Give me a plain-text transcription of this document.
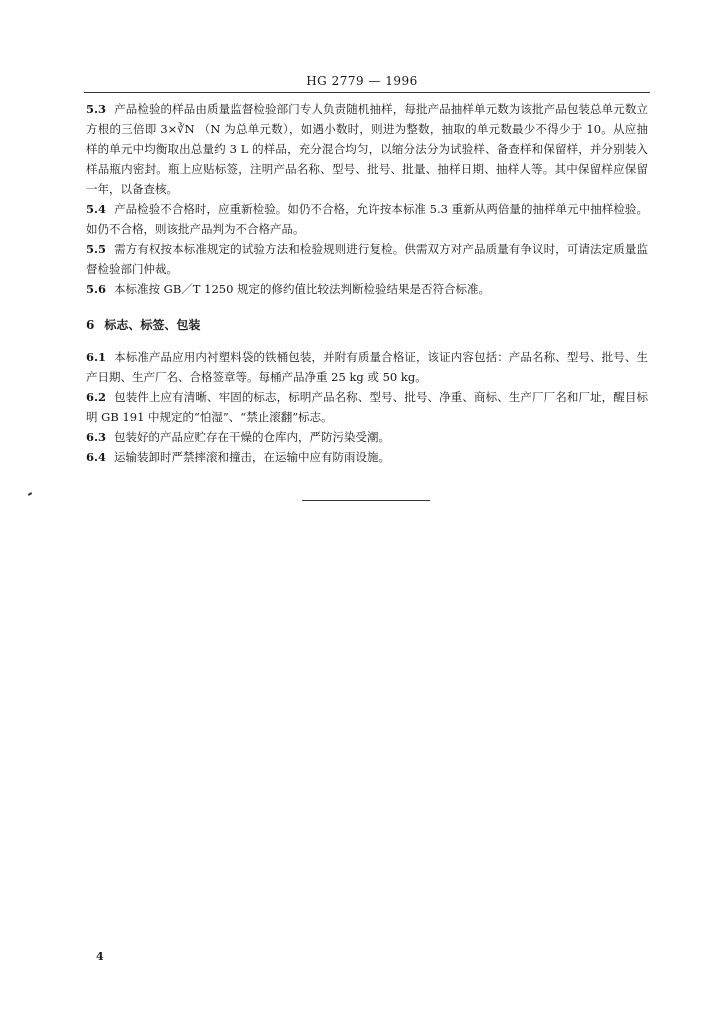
HG 2779 — 1996

5.3 产品检验的样品由质量监督检验部门专人负责随机抽样，每批产品抽样单元数为该批产品包装总单元数立方根的三倍即 3×∛N （N 为总单元数），如遇小数时，则进为整数，抽取的单元数最少不得少于 10。从应抽样的单元中均衡取出总量约 3 L 的样品，充分混合均匀，以缩分法分为试验样、备查样和保留样，并分别装入样品瓶内密封。瓶上应贴标签，注明产品名称、型号、批号、批量、抽样日期、抽样人等。其中保留样应保留一年，以备查核。

5.4 产品检验不合格时，应重新检验。如仍不合格，允许按本标准 5.3 重新从两倍量的抽样单元中抽样检验。如仍不合格，则该批产品判为不合格产品。

5.5 需方有权按本标准规定的试验方法和检验规则进行复检。供需双方对产品质量有争议时，可请法定质量监督检验部门仲裁。

5.6 本标准按 GB／T 1250 规定的修约值比较法判断检验结果是否符合标准。

6 标志、标签、包装

6.1 本标准产品应用内衬塑料袋的铁桶包装，并附有质量合格证，该证内容包括：产品名称、型号、批号、生产日期、生产厂名、合格签章等。每桶产品净重 25 kg 或 50 kg。

6.2 包装件上应有清晰、牢固的标志，标明产品名称、型号、批号、净重、商标、生产厂厂名和厂址，醒目标明 GB 191 中规定的“怕湿”、“禁止滚翻”标志。

6.3 包装好的产品应贮存在干燥的仓库内，严防污染受潮。

6.4 运输装卸时严禁摔滚和撞击，在运输中应有防雨设施。

4
